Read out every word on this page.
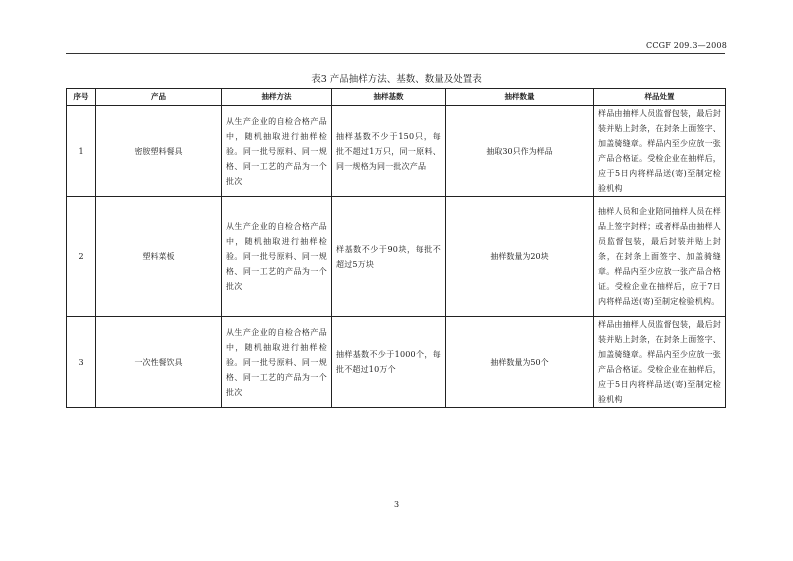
CCGF 209.3—2008
表3 产品抽样方法、基数、数量及处置表
序号	产品	抽样方法	抽样基数	抽样数量	样品处置
1	密胺塑料餐具	从生产企业的自检合格产品中，随机抽取进行抽样检验。同一批号原料、同一规格、同一工艺的产品为一个批次	抽样基数不少于150只，每批不超过1万只，同一原料、同一规格为同一批次产品	抽取30只作为样品	样品由抽样人员监督包装，最后封装并贴上封条，在封条上面签字、加盖骑缝章。样品内至少应放一张产品合格证。受检企业在抽样后，应于5日内将样品送(寄)至制定检验机构
2	塑料菜板	从生产企业的自检合格产品中，随机抽取进行抽样检验。同一批号原料、同一规格、同一工艺的产品为一个批次	样基数不少于90块，每批不超过5万块	抽样数量为20块	抽样人员和企业陪同抽样人员在样品上签字封样；或者样品由抽样人员监督包装，最后封装并贴上封条，在封条上面签字、加盖骑缝章。样品内至少应放一张产品合格证。受检企业在抽样后，应于7日内将样品送(寄)至制定检验机构。
3	一次性餐饮具	从生产企业的自检合格产品中，随机抽取进行抽样检验。同一批号原料、同一规格、同一工艺的产品为一个批次	抽样基数不少于1000个，每批不超过10万个	抽样数量为50个	样品由抽样人员监督包装，最后封装并贴上封条，在封条上面签字、加盖骑缝章。样品内至少应放一张产品合格证。受检企业在抽样后，应于5日内将样品送(寄)至制定检验机构
3
